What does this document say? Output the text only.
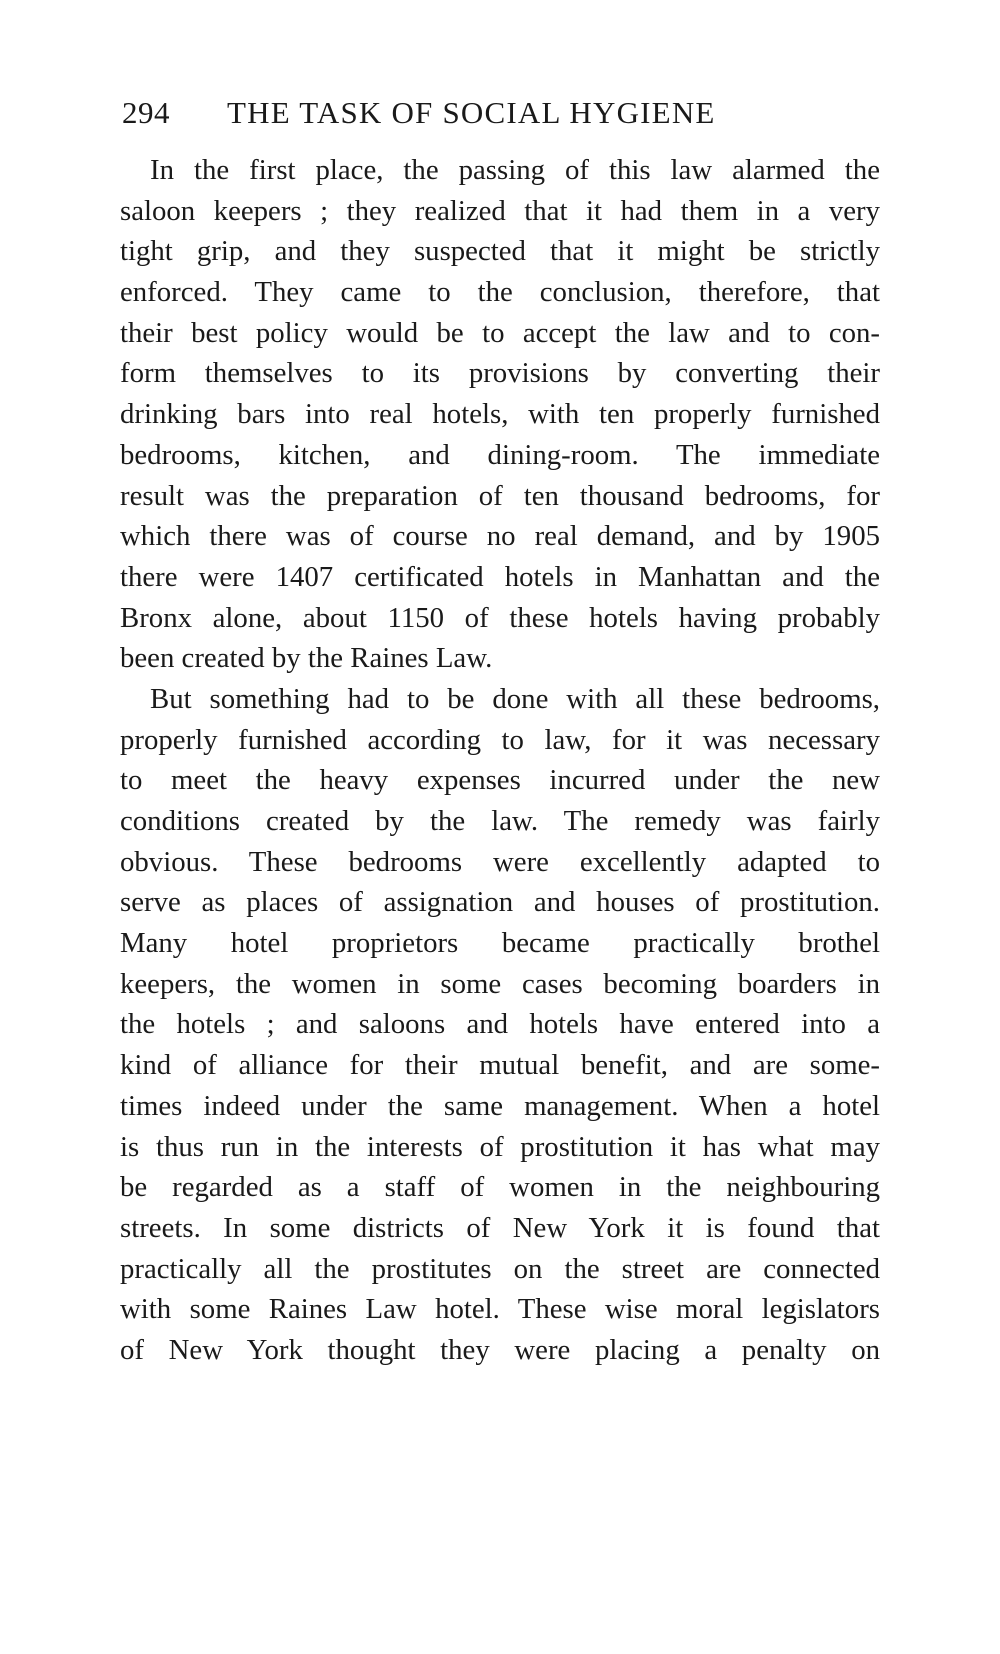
294 THE TASK OF SOCIAL HYGIENE
In the first place, the passing of this law alarmed the
saloon keepers ; they realized that it had them in a very
tight grip, and they suspected that it might be strictly
enforced. They came to the conclusion, therefore, that
their best policy would be to accept the law and to con-
form themselves to its provisions by converting their
drinking bars into real hotels, with ten properly furnished
bedrooms, kitchen, and dining-room. The immediate
result was the preparation of ten thousand bedrooms, for
which there was of course no real demand, and by 1905
there were 1407 certificated hotels in Manhattan and the
Bronx alone, about 1150 of these hotels having probably
been created by the Raines Law.
But something had to be done with all these bedrooms,
properly furnished according to law, for it was necessary
to meet the heavy expenses incurred under the new
conditions created by the law. The remedy was fairly
obvious. These bedrooms were excellently adapted to
serve as places of assignation and houses of prostitution.
Many hotel proprietors became practically brothel
keepers, the women in some cases becoming boarders in
the hotels ; and saloons and hotels have entered into a
kind of alliance for their mutual benefit, and are some-
times indeed under the same management. When a hotel
is thus run in the interests of prostitution it has what may
be regarded as a staff of women in the neighbouring
streets. In some districts of New York it is found that
practically all the prostitutes on the street are connected
with some Raines Law hotel. These wise moral legislators
of New York thought they were placing a penalty on
